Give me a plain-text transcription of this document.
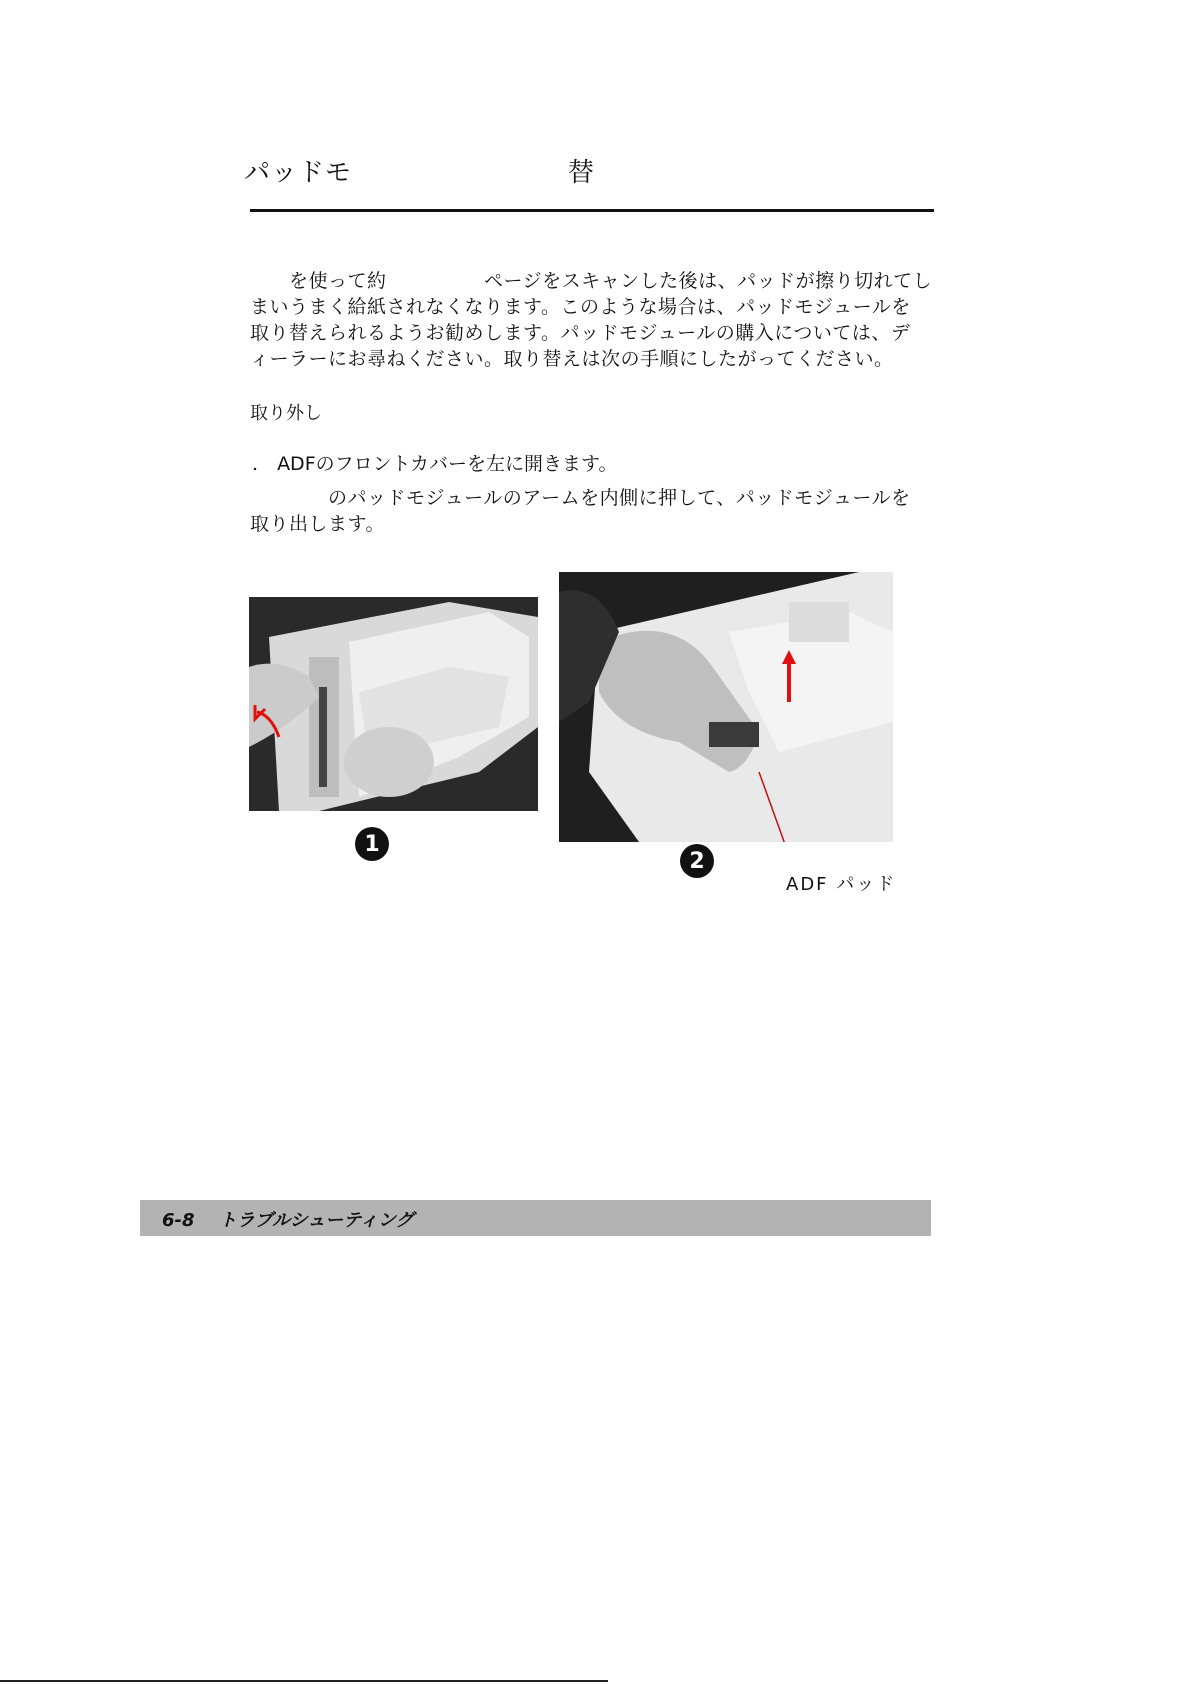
パッドモ　　　　　　　　替

　　を使って約　　　　　ページをスキャンした後は、パッドが擦り切れてし

まいうまく給紙されなくなります。このような場合は、パッドモジュールを

取り替えられるようお勧めします。パッドモジュールの購入については、デ

ィーラーにお尋ねください。取り替えは次の手順にしたがってください。

取り外し
.　 ADFのフロントカバーを左に開きます。

　　　　のパッドモジュールのアームを内側に押して、パッドモジュールを

取り出します。

1
2
ADF パッド
6-8　 トラブルシューティング
